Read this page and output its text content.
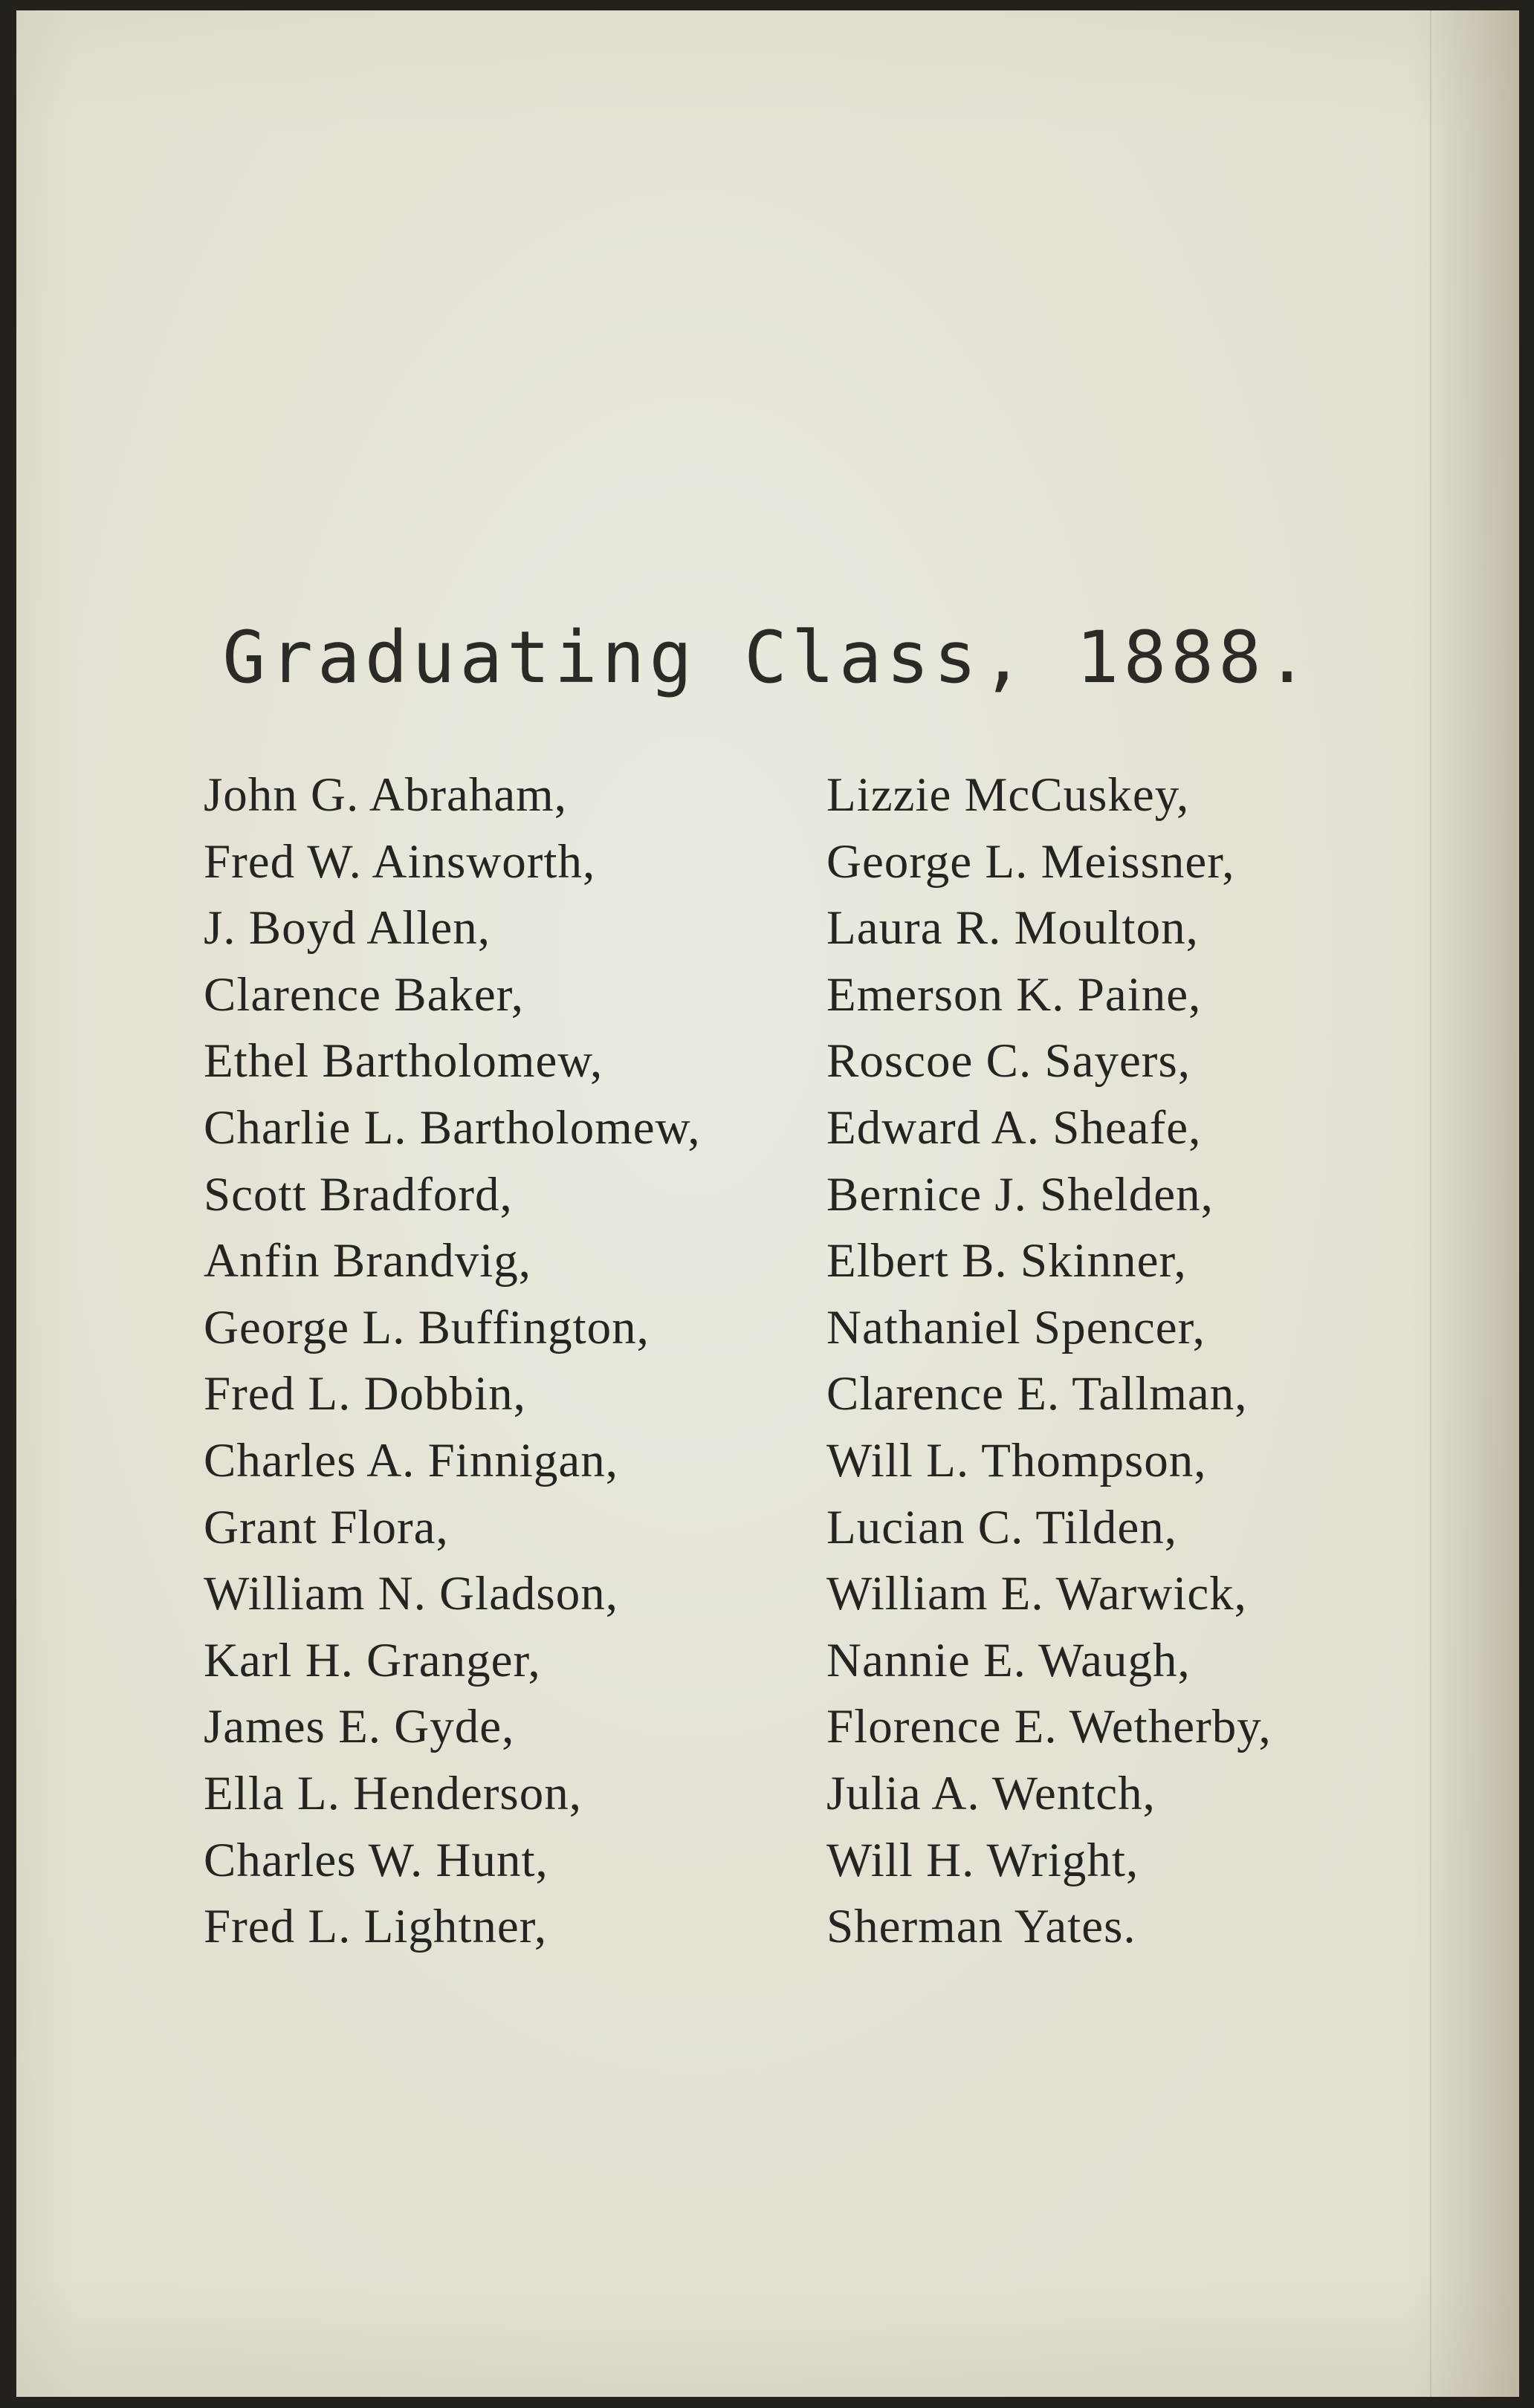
Graduating Class, 1888.
John G. Abraham,
Fred W. Ainsworth,
J. Boyd Allen,
Clarence Baker,
Ethel Bartholomew,
Charlie L. Bartholomew,
Scott Bradford,
Anfin Brandvig,
George L. Buffington,
Fred L. Dobbin,
Charles A. Finnigan,
Grant Flora,
William N. Gladson,
Karl H. Granger,
James E. Gyde,
Ella L. Henderson,
Charles W. Hunt,
Fred L. Lightner,
Lizzie McCuskey,
George L. Meissner,
Laura R. Moulton,
Emerson K. Paine,
Roscoe C. Sayers,
Edward A. Sheafe,
Bernice J. Shelden,
Elbert B. Skinner,
Nathaniel Spencer,
Clarence E. Tallman,
Will L. Thompson,
Lucian C. Tilden,
William E. Warwick,
Nannie E. Waugh,
Florence E. Wetherby,
Julia A. Wentch,
Will H. Wright,
Sherman Yates.
